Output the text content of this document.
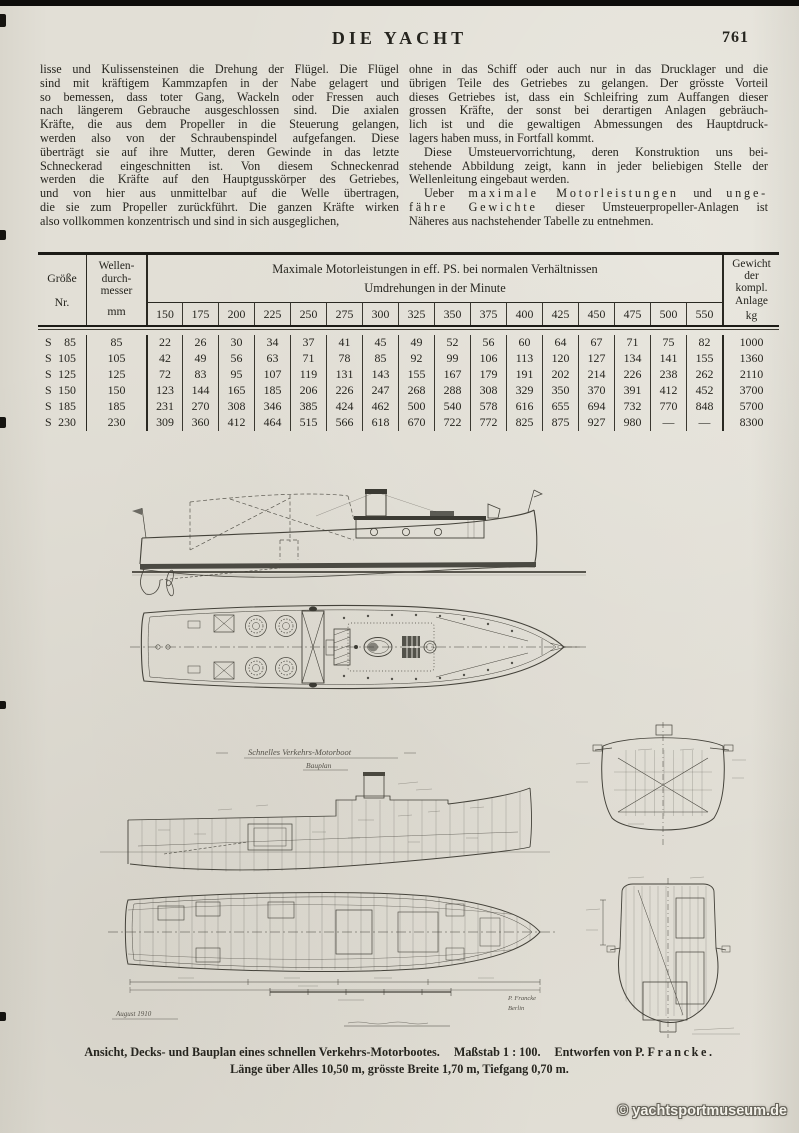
DIE YACHT	761
lisse und Kulissensteinen die Drehung der Flügel. Die Flügel
sind mit kräftigem Kammzapfen in der Nabe gelagert und
so bemessen, dass toter Gang, Wackeln oder Fressen auch
nach längerem Gebrauche ausgeschlossen sind. Die axialen
Kräfte, die aus dem Propeller in die Steuerung gelangen,
werden also von der Schraubenspindel aufgefangen. Diese
überträgt sie auf ihre Mutter, deren Gewinde in das letzte
Schneckerad eingeschnitten ist. Von diesem Schneckenrad
werden die Kräfte auf den Hauptgusskörper des Getriebes,
und von hier aus unmittelbar auf die Welle übertragen,
die sie zum Propeller zurückführt. Die ganzen Kräfte wirken
also vollkommen konzentrisch und sind in sich ausgeglichen,
ohne in das Schiff oder auch nur in das Drucklager und die
übrigen Teile des Getriebes zu gelangen. Der grösste Vorteil
dieses Getriebes ist, dass ein Schleifring zum Auffangen dieser
grossen Kräfte, der sonst bei derartigen Anlagen gebräuch-
lich ist und die gewaltigen Abmessungen des Hauptdruck-
lagers haben muss, in Fortfall kommt.
Diese Umsteuervorrichtung, deren Konstruktion uns bei-
stehende Abbildung zeigt, kann in jeder beliebigen Stelle der
Wellenleitung eingebaut werden.
Ueber maximale Motorleistungen und unge-
fähre Gewichte dieser Umsteuerpropeller-Anlagen ist
Näheres aus nachstehender Tabelle zu entnehmen.
Größe
Nr.
Wellen-
durch-
messer
mm
Maximale Motorleistungen in eff. PS. bei normalen Verhältnissen
Umdrehungen in der Minute
150	175	200	225	250	275	300	325	350	375	400	425	450	475	500	550
Gewicht
der
kompl.
Anlage
kg
S 85	85	22	26	30	34	37	41	45	49	52	56	60	64	67	71	75	82	1000
S 105	105	42	49	56	63	71	78	85	92	99	106	113	120	127	134	141	155	1360
S 125	125	72	83	95	107	119	131	143	155	167	179	191	202	214	226	238	262	2110
S 150	150	123	144	165	185	206	226	247	268	288	308	329	350	370	391	412	452	3700
S 185	185	231	270	308	346	385	424	462	500	540	578	616	655	694	732	770	848	5700
S 230	230	309	360	412	464	515	566	618	670	722	772	825	875	927	980	—	—	8300
Schnelles Verkehrs-Motorboot
Bauplan
August 1910
P. Francke
Berlin
Ansicht, Decks- und Bauplan eines schnellen Verkehrs-Motorbootes. Maßstab 1 : 100. Entworfen von P. Francke.
Länge über Alles 10,50 m, grösste Breite 1,70 m, Tiefgang 0,70 m.
© yachtsportmuseum.de
